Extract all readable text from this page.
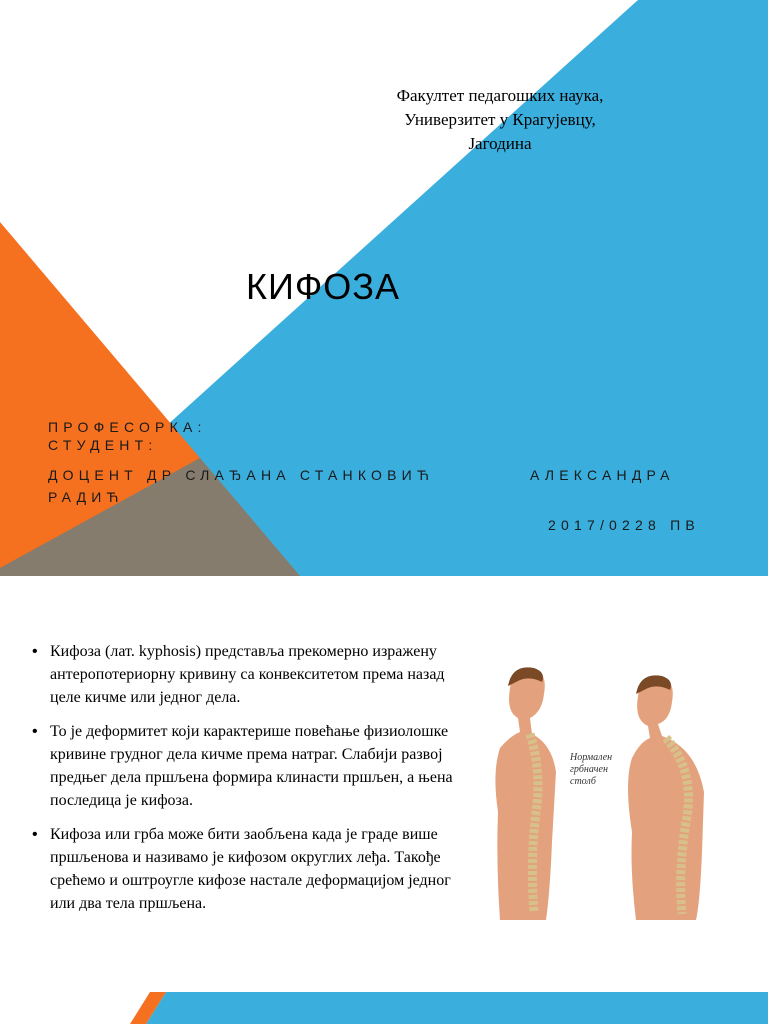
Факултет педагошких наука,
Универзитет у Крагујевцу,
Јагодина
КИФОЗА
ПРОФЕСОРКА:
СТУДЕНТ:
ДОЦЕНТ ДР СЛАЂАНА СТАНКОВИЋ	АЛЕКСАНДРА
РАДИЋ
2017/0228 ПВ
• Кифоза (лат. kyphosis) представља прекомерно изражену антеропотериорну кривину са конвекситетом према назад целе кичме или једног дела.
• То је деформитет који карактерише повећање физиолошке кривине грудног дела кичме према натраг. Слабији развој предњег дела пршљена формира клинасти пршљен, а њена последица је кифоза.
• Кифоза или грба може бити заобљена када је граде више пршљенова и називамо је кифозом округлих леђа. Такође срећемо и оштроугле кифозе настале деформацијом једног или два тела пршљена.
Нормален
грбначен
столб
